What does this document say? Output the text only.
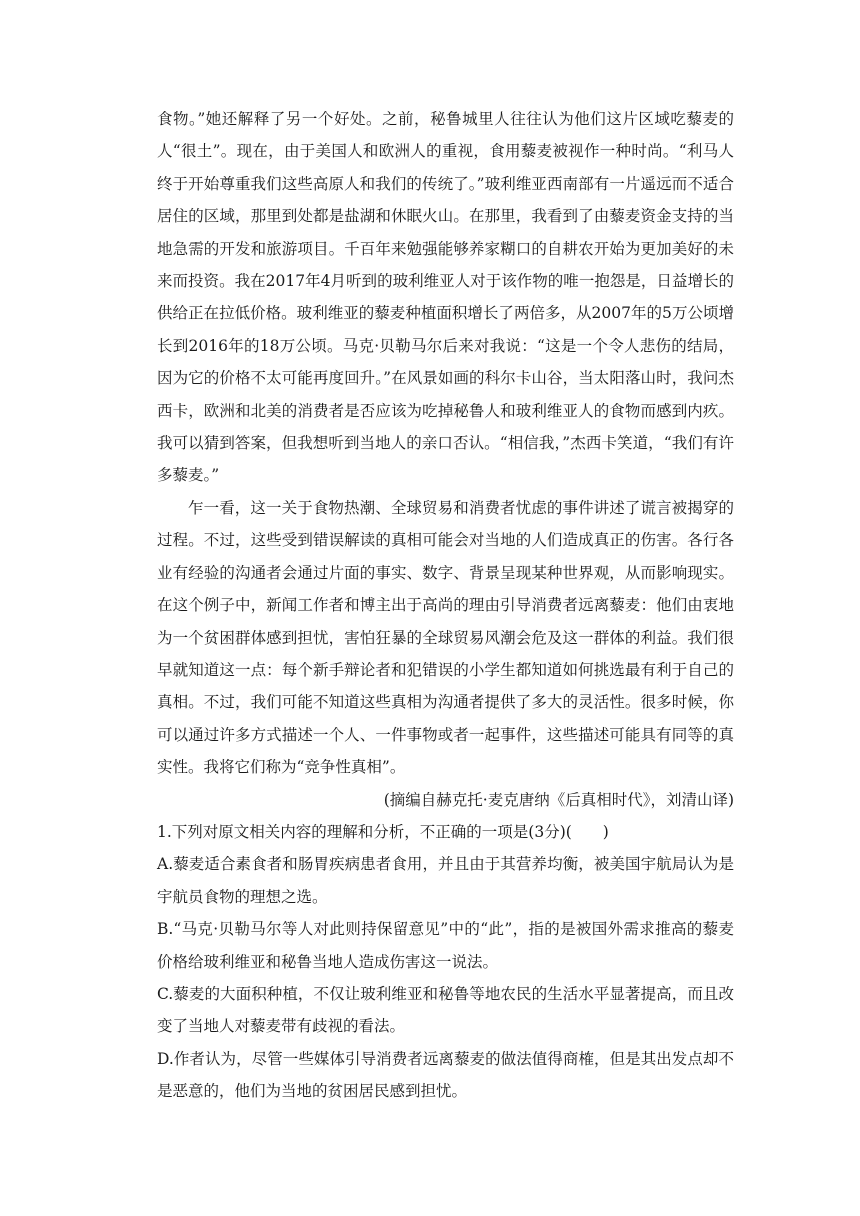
食物。”她还解释了另一个好处。之前，秘鲁城里人往往认为他们这片区域吃藜麦的人“很土”。现在，由于美国人和欧洲人的重视，食用藜麦被视作一种时尚。“利马人终于开始尊重我们这些高原人和我们的传统了。”玻利维亚西南部有一片遥远而不适合居住的区域，那里到处都是盐湖和休眠火山。在那里，我看到了由藜麦资金支持的当地急需的开发和旅游项目。千百年来勉强能够养家糊口的自耕农开始为更加美好的未来而投资。我在2017年4月听到的玻利维亚人对于该作物的唯一抱怨是，日益增长的供给正在拉低价格。玻利维亚的藜麦种植面积增长了两倍多，从2007年的5万公顷增长到2016年的18万公顷。马克·贝勒马尔后来对我说：“这是一个令人悲伤的结局，因为它的价格不太可能再度回升。”在风景如画的科尔卡山谷，当太阳落山时，我问杰西卡，欧洲和北美的消费者是否应该为吃掉秘鲁人和玻利维亚人的食物而感到内疚。我可以猜到答案，但我想听到当地人的亲口否认。“相信我，”杰西卡笑道，“我们有许多藜麦。”

乍一看，这一关于食物热潮、全球贸易和消费者忧虑的事件讲述了谎言被揭穿的过程。不过，这些受到错误解读的真相可能会对当地的人们造成真正的伤害。各行各业有经验的沟通者会通过片面的事实、数字、背景呈现某种世界观，从而影响现实。在这个例子中，新闻工作者和博主出于高尚的理由引导消费者远离藜麦：他们由衷地为一个贫困群体感到担忧，害怕狂暴的全球贸易风潮会危及这一群体的利益。我们很早就知道这一点：每个新手辩论者和犯错误的小学生都知道如何挑选最有利于自己的真相。不过，我们可能不知道这些真相为沟通者提供了多大的灵活性。很多时候，你可以通过许多方式描述一个人、一件事物或者一起事件，这些描述可能具有同等的真实性。我将它们称为“竞争性真相”。

(摘编自赫克托·麦克唐纳《后真相时代》，刘清山译)

1.下列对原文相关内容的理解和分析，不正确的一项是(3分)(　　)

A.藜麦适合素食者和肠胃疾病患者食用，并且由于其营养均衡，被美国宇航局认为是宇航员食物的理想之选。

B.“马克·贝勒马尔等人对此则持保留意见”中的“此”，指的是被国外需求推高的藜麦价格给玻利维亚和秘鲁当地人造成伤害这一说法。

C.藜麦的大面积种植，不仅让玻利维亚和秘鲁等地农民的生活水平显著提高，而且改变了当地人对藜麦带有歧视的看法。

D.作者认为，尽管一些媒体引导消费者远离藜麦的做法值得商榷，但是其出发点却不是恶意的，他们为当地的贫困居民感到担忧。
